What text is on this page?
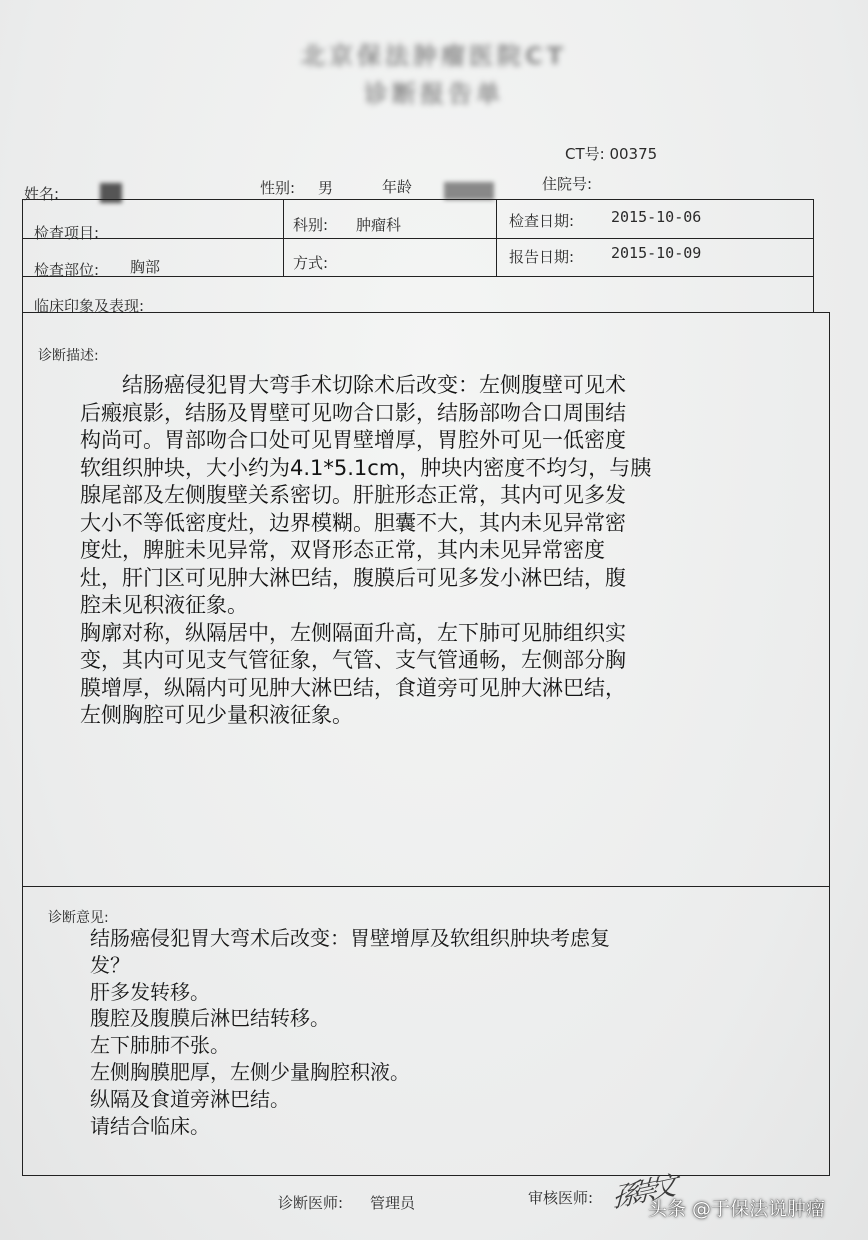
北京保法肿瘤医院CT
诊断报告单
CT号: 00375
姓名:	性别: 男	年龄	住院号:
检查项目:	科别: 肿瘤科	检查日期: 2015-10-06
检查部位: 胸部	方式:	报告日期: 2015-10-09
临床印象及表现:
诊断描述:
　　结肠癌侵犯胃大弯手术切除术后改变：左侧腹壁可见术
后瘢痕影，结肠及胃壁可见吻合口影，结肠部吻合口周围结
构尚可。胃部吻合口处可见胃壁增厚，胃腔外可见一低密度
软组织肿块，大小约为4.1*5.1cm，肿块内密度不均匀，与胰
腺尾部及左侧腹壁关系密切。肝脏形态正常，其内可见多发
大小不等低密度灶，边界模糊。胆囊不大，其内未见异常密
度灶，脾脏未见异常，双肾形态正常，其内未见异常密度
灶，肝门区可见肿大淋巴结，腹膜后可见多发小淋巴结，腹
腔未见积液征象。
胸廓对称，纵隔居中，左侧隔面升高，左下肺可见肺组织实
变，其内可见支气管征象，气管、支气管通畅，左侧部分胸
膜增厚，纵隔内可见肿大淋巴结，食道旁可见肿大淋巴结，
左侧胸腔可见少量积液征象。
诊断意见:
结肠癌侵犯胃大弯术后改变：胃壁增厚及软组织肿块考虑复
发？
肝多发转移。
腹腔及腹膜后淋巴结转移。
左下肺肺不张。
左侧胸膜肥厚，左侧少量胸腔积液。
纵隔及食道旁淋巴结。
请结合临床。
诊断医师: 管理员	审核医师: 孫崇文
头条 @于保法说肿瘤
